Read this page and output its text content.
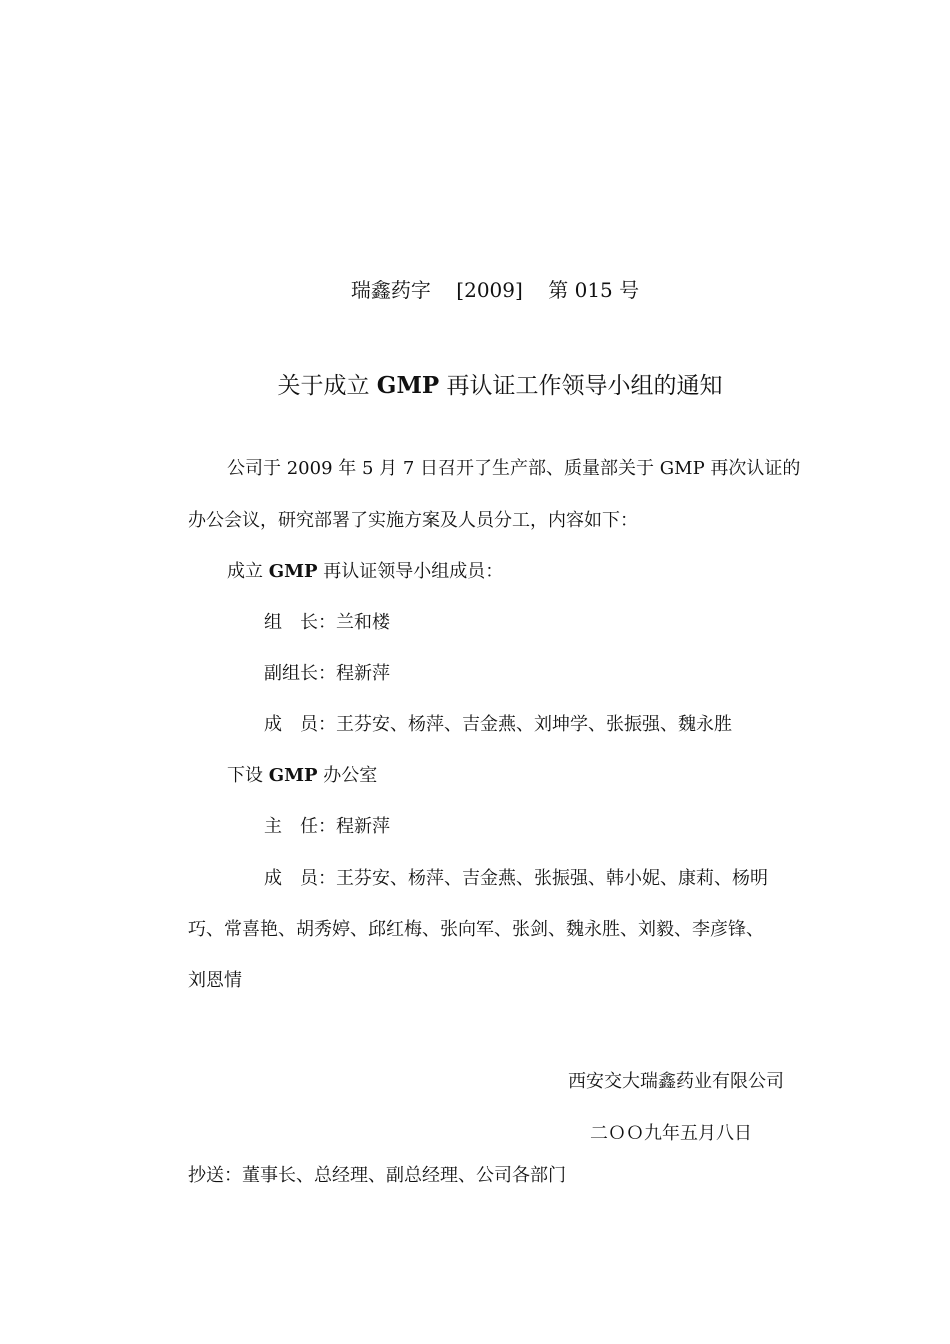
瑞鑫药字 [2009] 第 015 号
关于成立 GMP 再认证工作领导小组的通知
公司于 2009 年 5 月 7 日召开了生产部、质量部关于 GMP 再次认证的
办公会议，研究部署了实施方案及人员分工，内容如下：
成立 GMP 再认证领导小组成员：
组　长：兰和楼
副组长：程新萍
成　员：王芬安、杨萍、吉金燕、刘坤学、张振强、魏永胜
下设 GMP 办公室
主　任：程新萍
成　员：王芬安、杨萍、吉金燕、张振强、韩小妮、康莉、杨明
巧、常喜艳、胡秀婷、邱红梅、张向军、张剑、魏永胜、刘毅、李彦锋、
刘恩情
西安交大瑞鑫药业有限公司
二ＯＯ九年五月八日
抄送：董事长、总经理、副总经理、公司各部门
